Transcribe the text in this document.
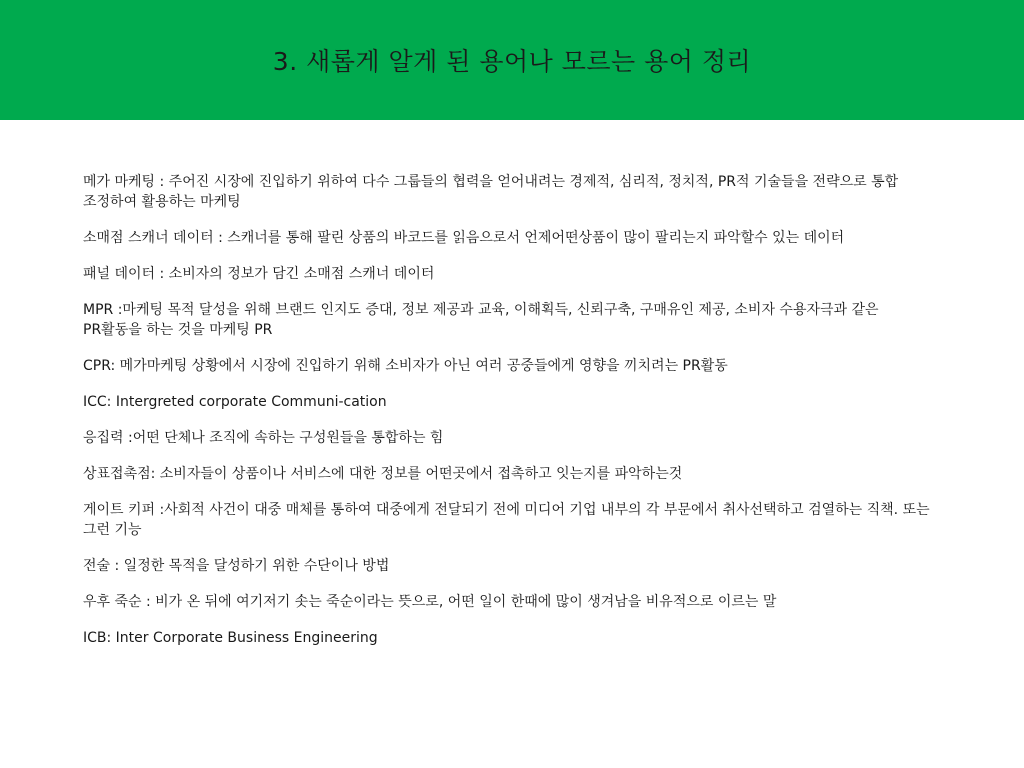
3. 새롭게 알게 된 용어나 모르는 용어 정리

메가 마케팅 : 주어진 시장에 진입하기 위하여 다수 그룹들의 협력을 얻어내려는 경제적, 심리적, 정치적, PR적 기술들을 전략으로 통합 조정하여 활용하는 마케팅

소매점 스캐너 데이터 : 스캐너를 통해 팔린 상품의 바코드를 읽음으로서 언제어떤상품이 많이 팔리는지 파악할수 있는 데이터

패널 데이터 : 소비자의 정보가 담긴 소매점 스캐너 데이터

MPR :마케팅 목적 달성을 위해 브랜드 인지도 증대, 정보 제공과 교육, 이해획득, 신뢰구축, 구매유인 제공, 소비자 수용자극과 같은 PR활동을 하는 것을 마케팅 PR

CPR: 메가마케팅 상황에서 시장에 진입하기 위해 소비자가 아닌 여러 공중들에게 영향을 끼치려는 PR활동

ICC: Intergreted corporate Communi-cation

응집력 :어떤 단체나 조직에 속하는 구성원들을 통합하는 힘

상표접촉점: 소비자들이 상품이나 서비스에 대한 정보를 어떤곳에서 접촉하고 잇는지를 파악하는것

게이트 키퍼 :사회적 사건이 대중 매체를 통하여 대중에게 전달되기 전에 미디어 기업 내부의 각 부문에서 취사선택하고 검열하는 직책. 또는 그런 기능

전술 : 일정한 목적을 달성하기 위한 수단이나 방법

우후 죽순 : 비가 온 뒤에 여기저기 솟는 죽순이라는 뜻으로, 어떤 일이 한때에 많이 생겨남을 비유적으로 이르는 말

ICB: Inter Corporate Business Engineering
